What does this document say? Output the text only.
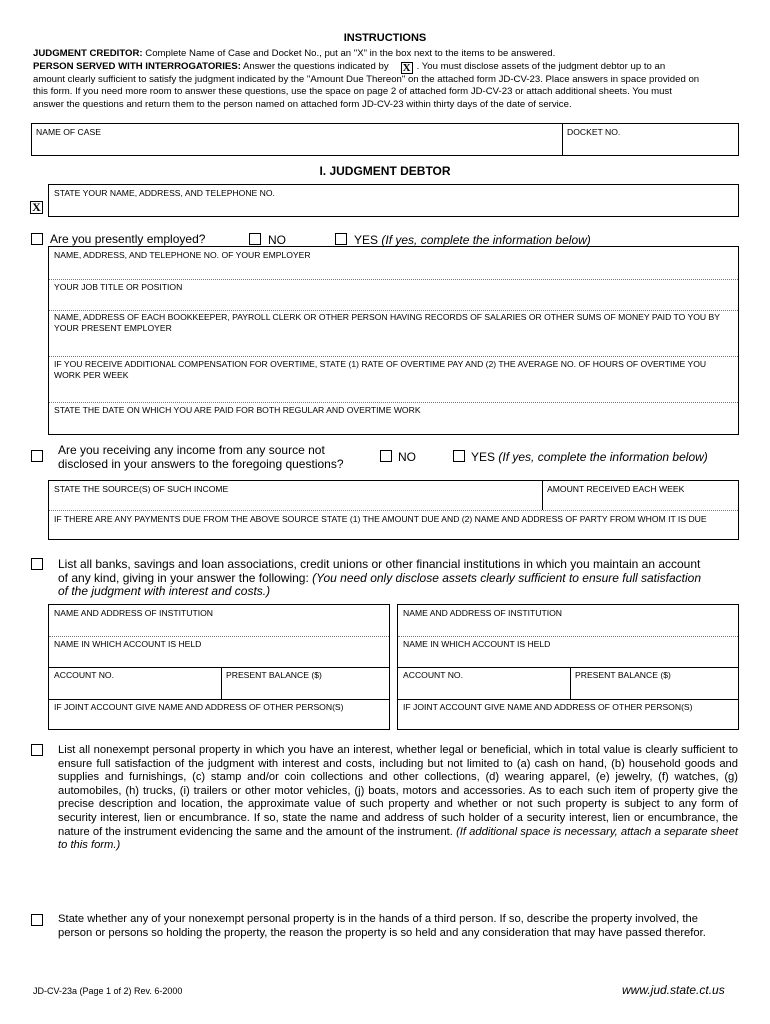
INSTRUCTIONS
JUDGMENT CREDITOR: Complete Name of Case and Docket No., put an "X" in the box next to the items to be answered.
PERSON SERVED WITH INTERROGATORIES: Answer the questions indicated by X . You must disclose assets of the judgment debtor up to an
amount clearly sufficient to satisfy the judgment indicated by the "Amount Due Thereon" on the attached form JD-CV-23. Place answers in space provided on
this form. If you need more room to answer these questions, use the space on page 2 of attached form JD-CV-23 or attach additional sheets. You must
answer the questions and return them to the person named on attached form JD-CV-23 within thirty days of the date of service.
NAME OF CASE	DOCKET NO.
I. JUDGMENT DEBTOR
X
STATE YOUR NAME, ADDRESS, AND TELEPHONE NO.
Are you presently employed?	NO	YES (If yes, complete the information below)
NAME, ADDRESS, AND TELEPHONE NO. OF YOUR EMPLOYER
YOUR JOB TITLE OR POSITION
NAME, ADDRESS OF EACH BOOKKEEPER, PAYROLL CLERK OR OTHER PERSON HAVING RECORDS OF SALARIES OR OTHER SUMS OF MONEY PAID TO YOU BY YOUR PRESENT EMPLOYER
IF YOU RECEIVE ADDITIONAL COMPENSATION FOR OVERTIME, STATE (1) RATE OF OVERTIME PAY AND (2) THE AVERAGE NO. OF HOURS OF OVERTIME YOU WORK PER WEEK
STATE THE DATE ON WHICH YOU ARE PAID FOR BOTH REGULAR AND OVERTIME WORK
Are you receiving any income from any source not
disclosed in your answers to the foregoing questions?	NO	YES (If yes, complete the information below)
STATE THE SOURCE(S) OF SUCH INCOME	AMOUNT RECEIVED EACH WEEK
IF THERE ARE ANY PAYMENTS DUE FROM THE ABOVE SOURCE STATE (1) THE AMOUNT DUE AND (2) NAME AND ADDRESS OF PARTY FROM WHOM IT IS DUE
List all banks, savings and loan associations, credit unions or other financial institutions in which you maintain an account
of any kind, giving in your answer the following: (You need only disclose assets clearly sufficient to ensure full satisfaction
of the judgment with interest and costs.)
NAME AND ADDRESS OF INSTITUTION
NAME IN WHICH ACCOUNT IS HELD
ACCOUNT NO.	PRESENT BALANCE ($)
IF JOINT ACCOUNT GIVE NAME AND ADDRESS OF OTHER PERSON(S)
NAME AND ADDRESS OF INSTITUTION
NAME IN WHICH ACCOUNT IS HELD
ACCOUNT NO.	PRESENT BALANCE ($)
IF JOINT ACCOUNT GIVE NAME AND ADDRESS OF OTHER PERSON(S)
List all nonexempt personal property in which you have an interest, whether legal or beneficial, which in total value is clearly sufficient to ensure full satisfaction of the judgment with interest and costs, including but not limited to (a) cash on hand, (b) household goods and supplies and furnishings, (c) stamp and/or coin collections and other collections, (d) wearing apparel, (e) jewelry, (f) watches, (g) automobiles, (h) trucks, (i) trailers or other motor vehicles, (j) boats, motors and accessories. As to each such item of property give the precise description and location, the approximate value of such property and whether or not such property is subject to any form of security interest, lien or encumbrance. If so, state the name and address of such holder of a security interest, lien or encumbrance, the nature of the instrument evidencing the same and the amount of the instrument. (If additional space is necessary, attach a separate sheet to this form.)
State whether any of your nonexempt personal property is in the hands of a third person. If so, describe the property involved, the
person or persons so holding the property, the reason the property is so held and any consideration that may have passed therefor.
JD-CV-23a (Page 1 of 2) Rev. 6-2000	www.jud.state.ct.us
